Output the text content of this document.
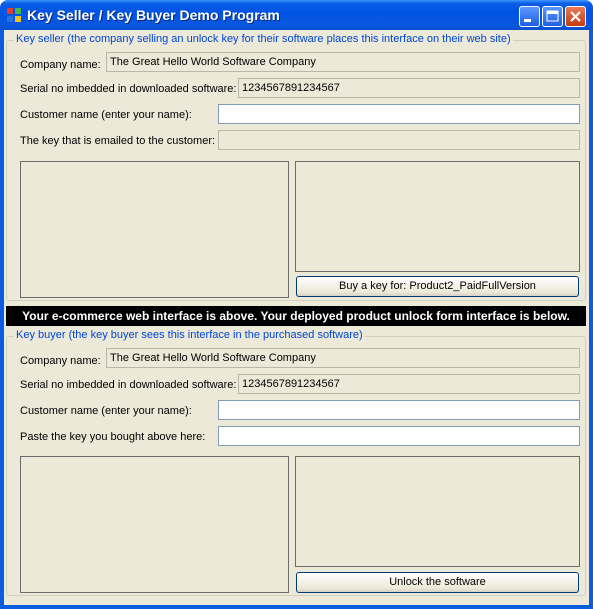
Key Seller / Key Buyer Demo Program
Key seller (the company selling an unlock key for their software places this interface on their web site)
Company name: The Great Hello World Software Company
Serial no imbedded in downloaded software: 1234567891234567
Customer name (enter your name):
The key that is emailed to the customer:
Buy a key for: Product2_PaidFullVersion
Your e-commerce web interface is above. Your deployed product unlock form interface is below.
Key buyer (the key buyer sees this interface in the purchased software)
Company name: The Great Hello World Software Company
Serial no imbedded in downloaded software: 1234567891234567
Customer name (enter your name):
Paste the key you bought above here:
Unlock the software
